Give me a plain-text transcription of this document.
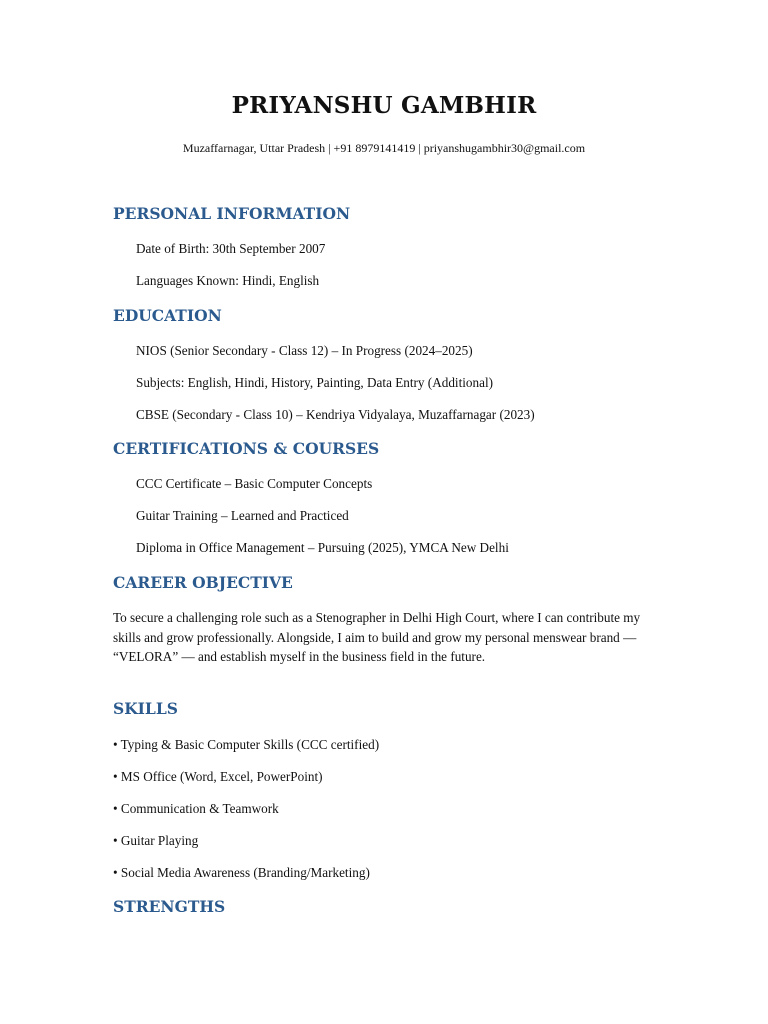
PRIYANSHU GAMBHIR
Muzaffarnagar, Uttar Pradesh | +91 8979141419 | priyanshugambhir30@gmail.com
PERSONAL INFORMATION
Date of Birth: 30th September 2007
Languages Known: Hindi, English
EDUCATION
NIOS (Senior Secondary - Class 12) – In Progress (2024–2025)
Subjects: English, Hindi, History, Painting, Data Entry (Additional)
CBSE (Secondary - Class 10) – Kendriya Vidyalaya, Muzaffarnagar (2023)
CERTIFICATIONS & COURSES
CCC Certificate – Basic Computer Concepts
Guitar Training – Learned and Practiced
Diploma in Office Management – Pursuing (2025), YMCA New Delhi
CAREER OBJECTIVE
To secure a challenging role such as a Stenographer in Delhi High Court, where I can contribute my skills and grow professionally. Alongside, I aim to build and grow my personal menswear brand — “VELORA” — and establish myself in the business field in the future.
SKILLS
• Typing & Basic Computer Skills (CCC certified)
• MS Office (Word, Excel, PowerPoint)
• Communication & Teamwork
• Guitar Playing
• Social Media Awareness (Branding/Marketing)
STRENGTHS
